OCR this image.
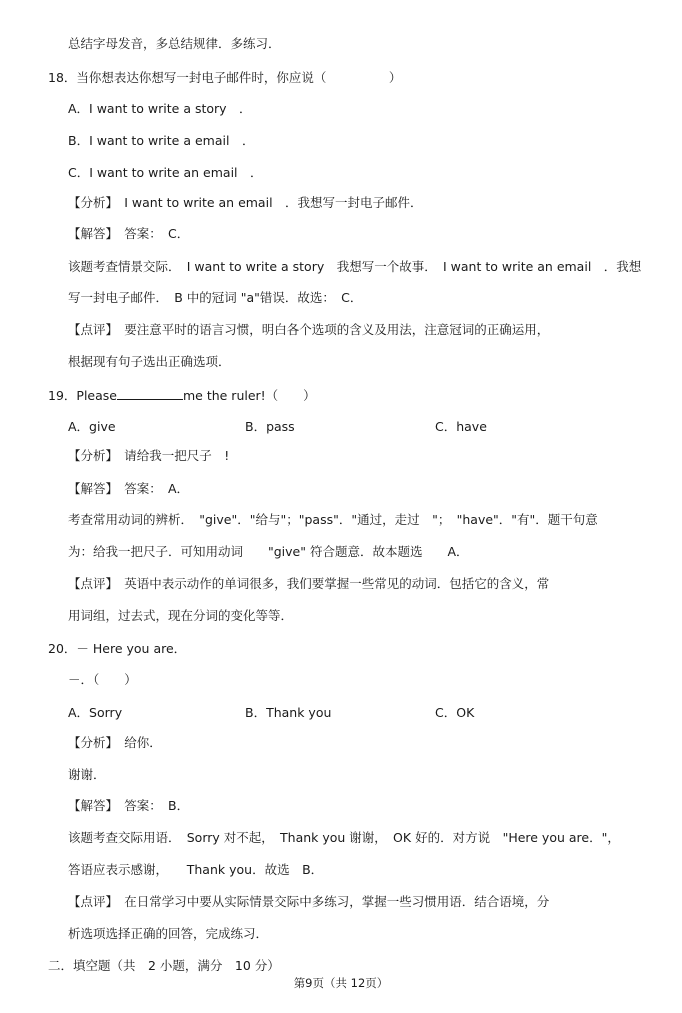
总结字母发音，多总结规律．多练习．
18．当你想表达你想写一封电子邮件时，你应说（　　　　　）
A．I want to write a story　．
B．I want to write a email　．
C．I want to write an email　．
【分析】　I want to write an email　．我想写一封电子邮件．
【解答】　答案：　C．
该题考查情景交际．　I want to write a story　我想写一个故事．　I want to write an email　．我想
写一封电子邮件．　B 中的冠词 "a"错误．故选：　C．
【点评】　要注意平时的语言习惯，明白各个选项的含义及用法，注意冠词的正确运用，
根据现有句子选出正确选项．
19．Please	me the ruler!（　　）
A．give	B．pass	C．have
【分析】　请给我一把尺子　!
【解答】　答案：　A．
考查常用动词的辨析．　"give"．"给与"；"pass"．"通过，走过　"；　"have"．"有"．题干句意
为：给我一把尺子．可知用动词　　"give" 符合题意．故本题选　　A．
【点评】　英语中表示动作的单词很多，我们要掌握一些常见的动词．包括它的含义，常
用词组，过去式，现在分词的变化等等．
20．－ Here you are．
－．（　　）
A．Sorry	B．Thank you	C．OK
【分析】　给你．
谢谢．
【解答】　答案：　B．
该题考查交际用语．　Sorry 对不起，　Thank you 谢谢，　OK 好的．对方说　"Here you are．"，
答语应表示感谢，　　Thank you．故选　B．
【点评】　在日常学习中要从实际情景交际中多练习，掌握一些习惯用语．结合语境，分
析选项选择正确的回答，完成练习．
二．填空题（共　2 小题，满分　10 分）
第9页（共 12页）
